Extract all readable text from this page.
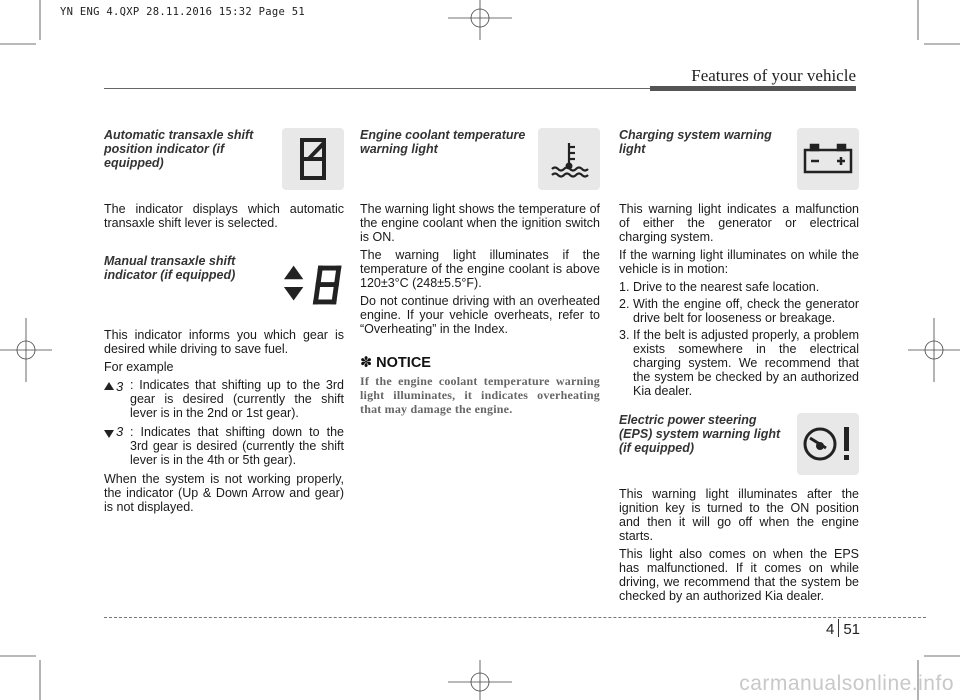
YN ENG 4.QXP 28.11.2016 15:32 Page 51
Features of your vehicle
Automatic transaxle shift position indicator (if equipped)

The indicator displays which automatic transaxle shift lever is selected.

Manual transaxle shift indicator (if equipped)

This indicator informs you which gear is desired while driving to save fuel.

For example

3 : Indicates that shifting up to the 3rd gear is desired (currently the shift lever is in the 2nd or 1st gear).
3 : Indicates that shifting down to the 3rd gear is desired (currently the shift lever is in the 4th or 5th gear).

When the system is not working properly, the indicator (Up & Down Arrow and gear) is not displayed.

Engine coolant temperature warning light

The warning light shows the temperature of the engine coolant when the ignition switch is ON.

The warning light illuminates if the temperature of the engine coolant is above 120±3°C (248±5.5°F).

Do not continue driving with an overheated engine. If your vehicle overheats, refer to “Overheating” in the Index.

✽ NOTICE
If the engine coolant temperature warning light illuminates, it indicates overheating that may damage the engine.
Charging system warning light

This warning light indicates a malfunction of either the generator or electrical charging system.

If the warning light illuminates on while the vehicle is in motion:

1. Drive to the nearest safe location.
2. With the engine off, check the generator drive belt for looseness or breakage.
3. If the belt is adjusted properly, a problem exists somewhere in the electrical charging system. We recommend that the system be checked by an authorized Kia dealer.
Electric power steering (EPS) system warning light (if equipped)

This warning light illuminates after the ignition key is turned to the ON position and then it will go off when the engine starts.

This light also comes on when the EPS has malfunctioned. If it comes on while driving, we recommend that the system be checked by an authorized Kia dealer.

4 51
carmanualsonline.info
